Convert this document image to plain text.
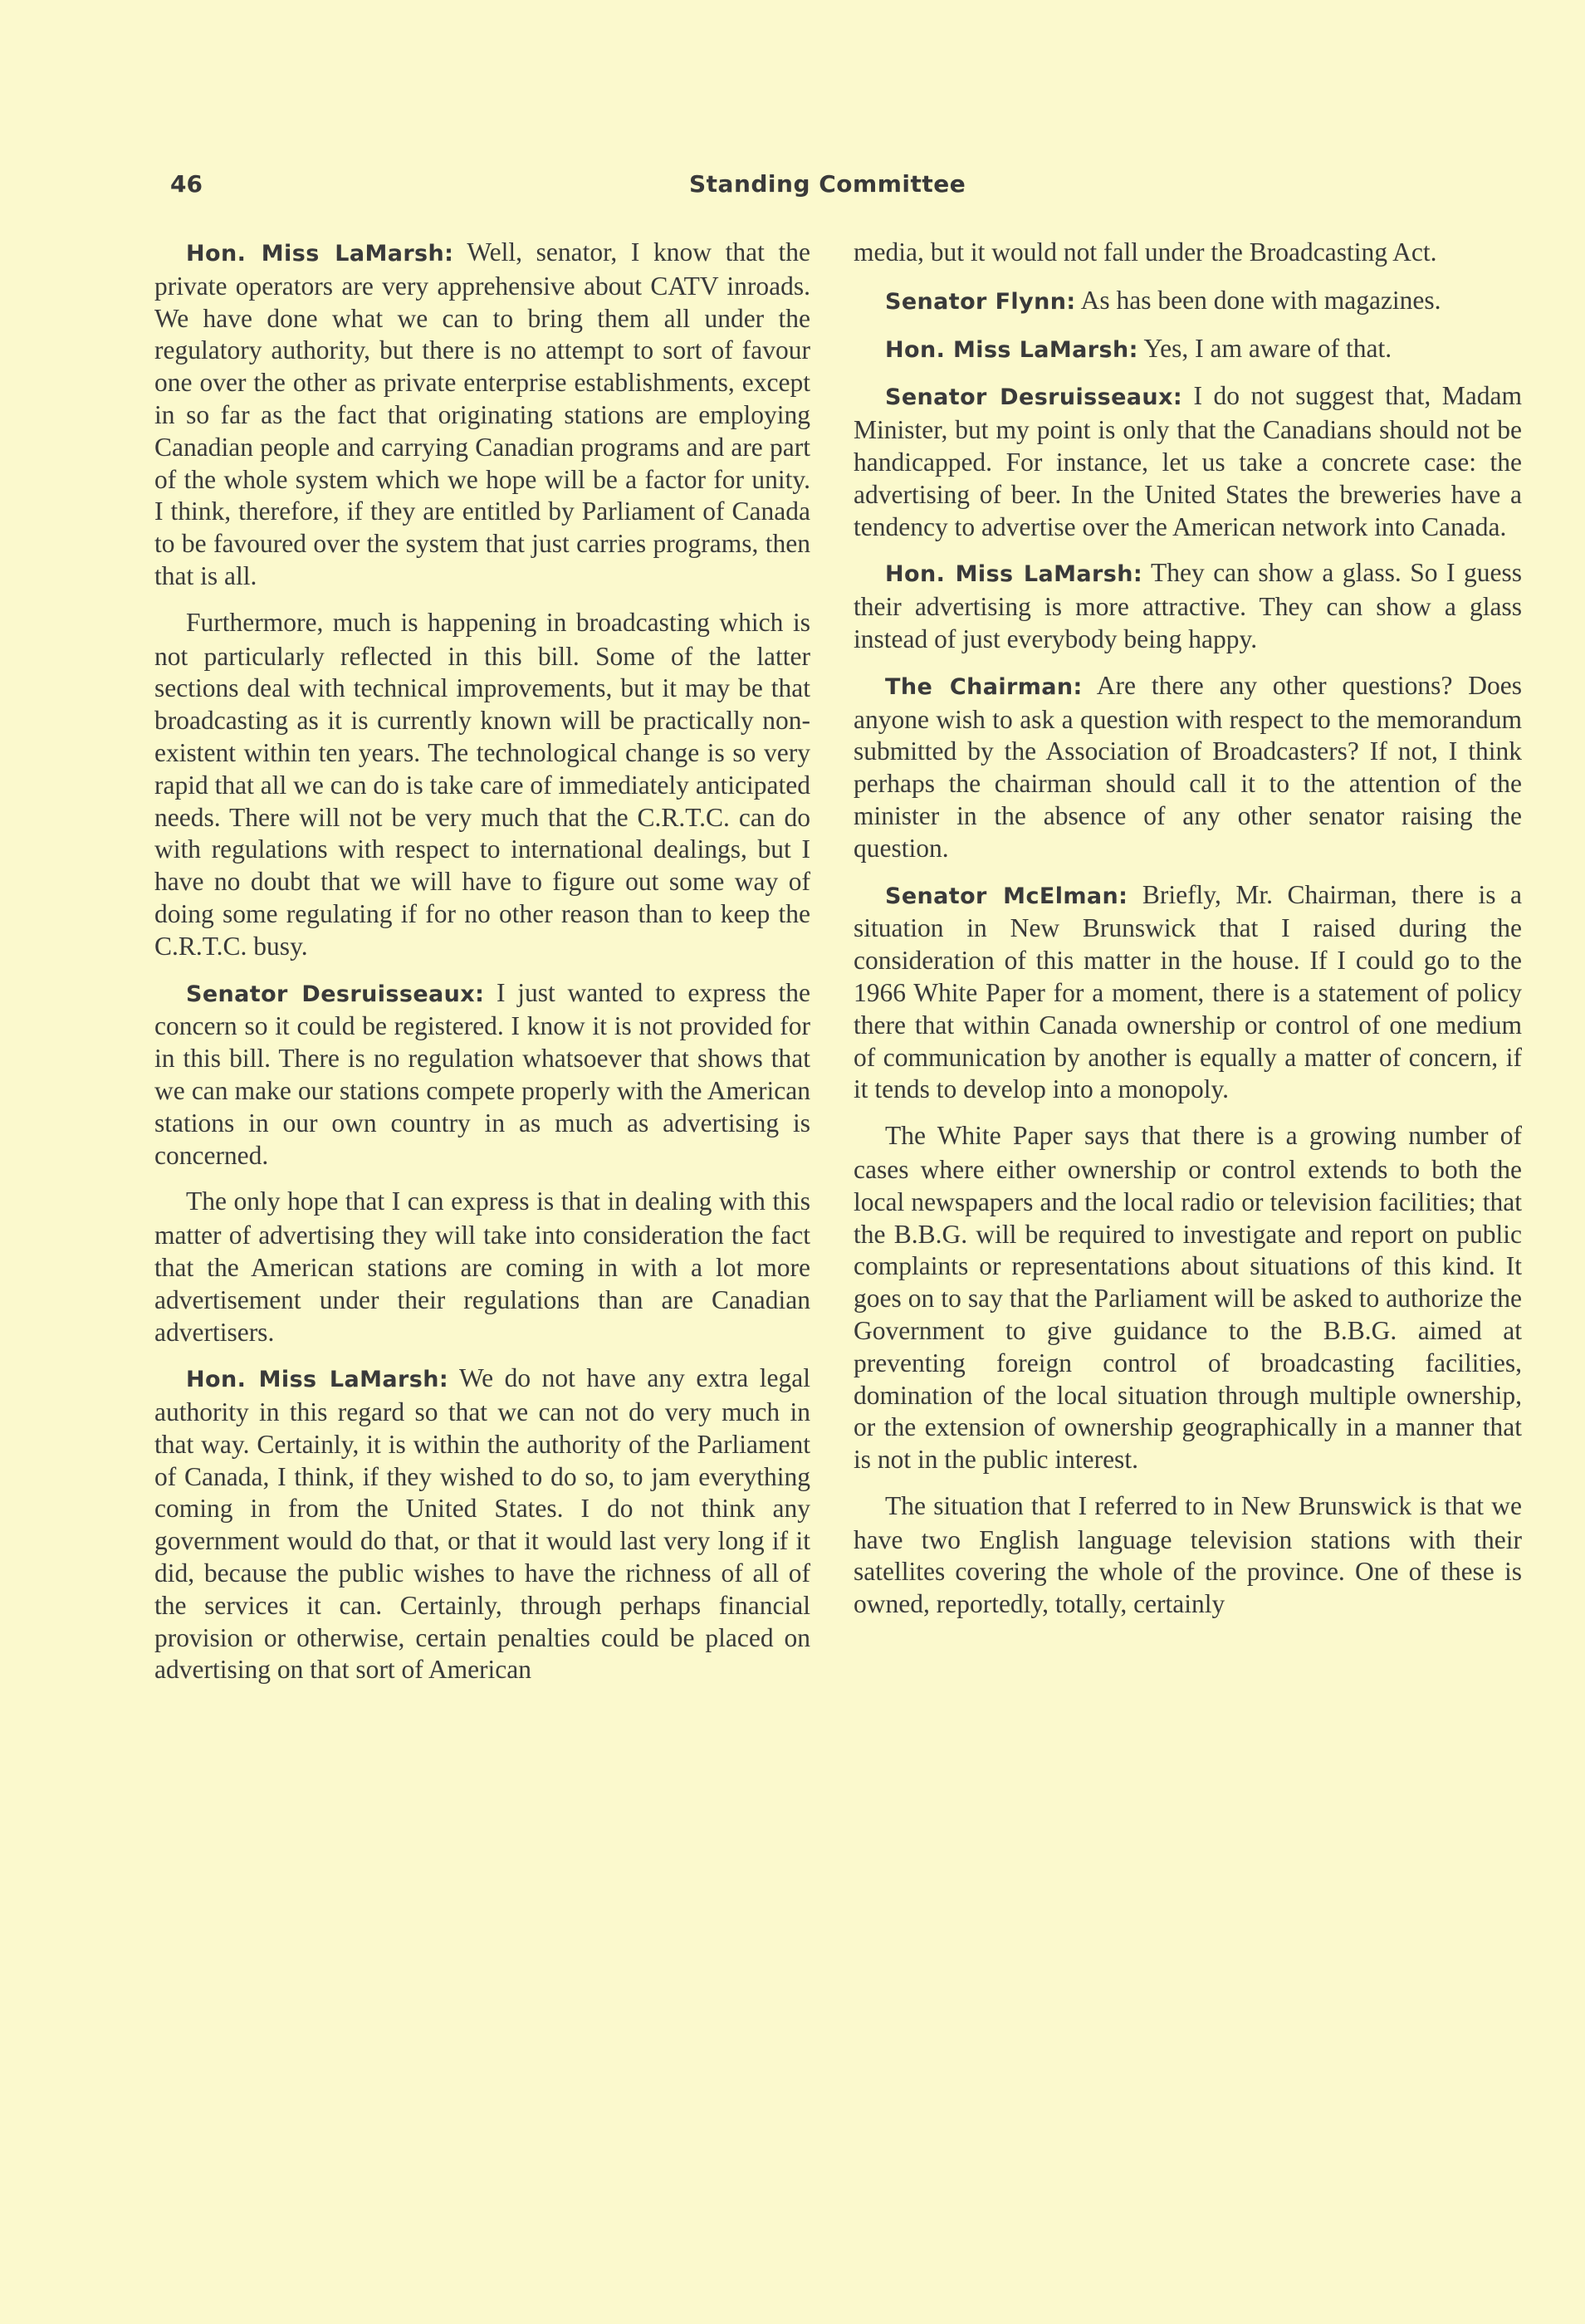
46	Standing Committee

Hon. Miss LaMarsh: Well, senator, I know that the private operators are very apprehensive about CATV inroads. We have done what we can to bring them all under the regulatory authority, but there is no attempt to sort of favour one over the other as private enterprise establishments, except in so far as the fact that originating stations are employing Canadian people and carrying Canadian programs and are part of the whole system which we hope will be a factor for unity. I think, therefore, if they are entitled by Parliament of Canada to be favoured over the system that just carries programs, then that is all.

Furthermore, much is happening in broadcasting which is not particularly reflected in this bill. Some of the latter sections deal with technical improvements, but it may be that broadcasting as it is currently known will be practically non-existent within ten years. The technological change is so very rapid that all we can do is take care of immediately anticipated needs. There will not be very much that the C.R.T.C. can do with regulations with respect to international dealings, but I have no doubt that we will have to figure out some way of doing some regulating if for no other reason than to keep the C.R.T.C. busy.

Senator Desruisseaux: I just wanted to express the concern so it could be registered. I know it is not provided for in this bill. There is no regulation whatsoever that shows that we can make our stations compete properly with the American stations in our own country in as much as advertising is concerned.

The only hope that I can express is that in dealing with this matter of advertising they will take into consideration the fact that the American stations are coming in with a lot more advertisement under their regulations than are Canadian advertisers.

Hon. Miss LaMarsh: We do not have any extra legal authority in this regard so that we can not do very much in that way. Certainly, it is within the authority of the Parliament of Canada, I think, if they wished to do so, to jam everything coming in from the United States. I do not think any government would do that, or that it would last very long if it did, because the public wishes to have the richness of all of the services it can. Certainly, through perhaps financial provision or otherwise, certain penalties could be placed on advertising on that sort of American

media, but it would not fall under the Broadcasting Act.

Senator Flynn: As has been done with magazines.

Hon. Miss LaMarsh: Yes, I am aware of that.

Senator Desruisseaux: I do not suggest that, Madam Minister, but my point is only that the Canadians should not be handicapped. For instance, let us take a concrete case: the advertising of beer. In the United States the breweries have a tendency to advertise over the American network into Canada.

Hon. Miss LaMarsh: They can show a glass. So I guess their advertising is more attractive. They can show a glass instead of just everybody being happy.

The Chairman: Are there any other questions? Does anyone wish to ask a question with respect to the memorandum submitted by the Association of Broadcasters? If not, I think perhaps the chairman should call it to the attention of the minister in the absence of any other senator raising the question.

Senator McElman: Briefly, Mr. Chairman, there is a situation in New Brunswick that I raised during the consideration of this matter in the house. If I could go to the 1966 White Paper for a moment, there is a statement of policy there that within Canada ownership or control of one medium of communication by another is equally a matter of concern, if it tends to develop into a monopoly.

The White Paper says that there is a growing number of cases where either ownership or control extends to both the local newspapers and the local radio or television facilities; that the B.B.G. will be required to investigate and report on public complaints or representations about situations of this kind. It goes on to say that the Parliament will be asked to authorize the Government to give guidance to the B.B.G. aimed at preventing foreign control of broadcasting facilities, domination of the local situation through multiple ownership, or the extension of ownership geographically in a manner that is not in the public interest.

The situation that I referred to in New Brunswick is that we have two English language television stations with their satellites covering the whole of the province. One of these is owned, reportedly, totally, certainly
